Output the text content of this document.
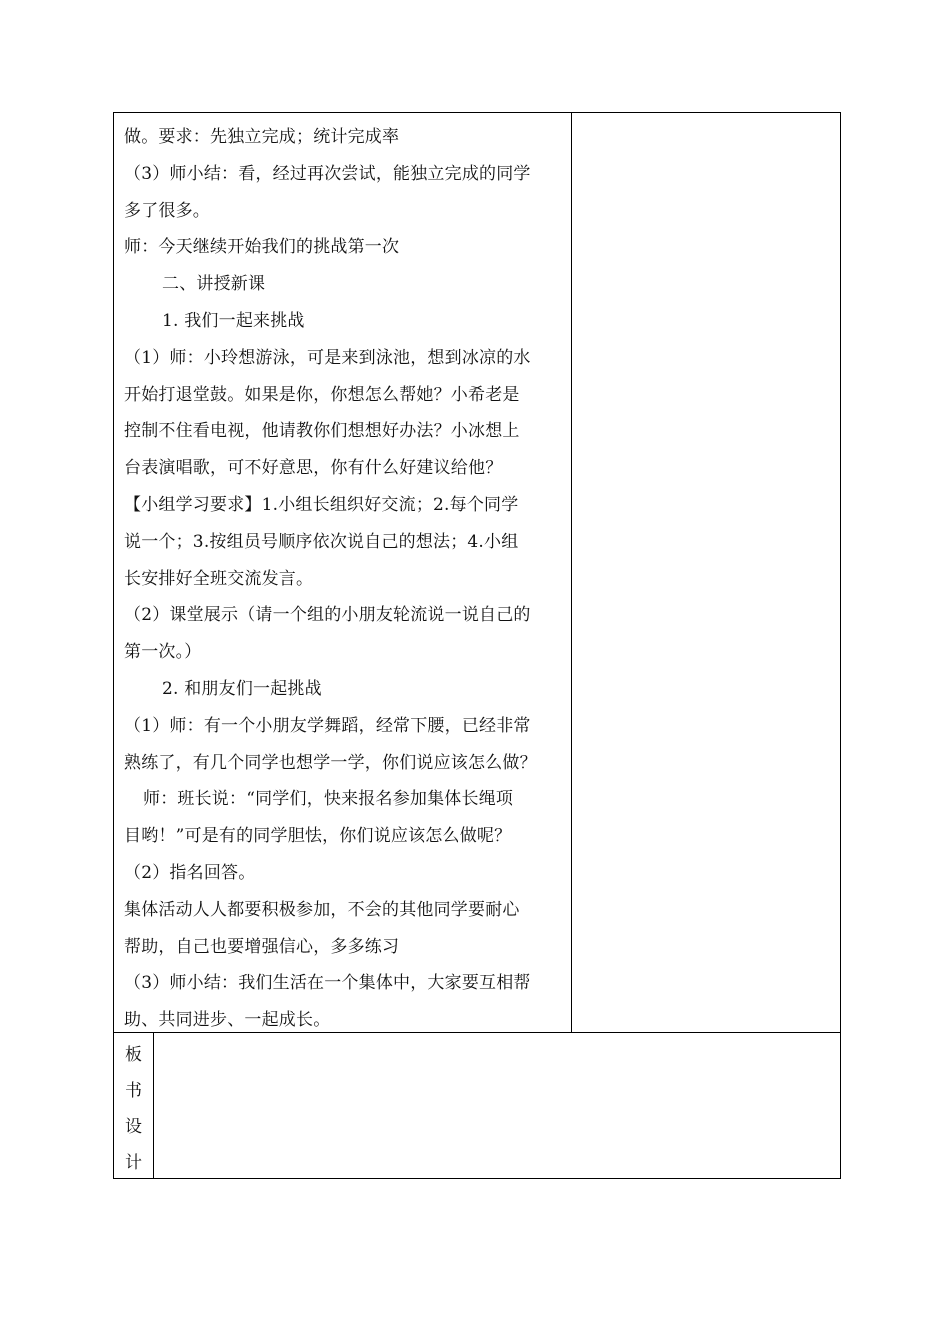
做。要求：先独立完成；统计完成率
（3）师小结：看，经过再次尝试，能独立完成的同学
多了很多。
师：今天继续开始我们的挑战第一次
二、讲授新课
1. 我们一起来挑战
（1）师：小玲想游泳，可是来到泳池，想到冰凉的水
开始打退堂鼓。如果是你，你想怎么帮她？小希老是
控制不住看电视，他请教你们想想好办法？小冰想上
台表演唱歌，可不好意思，你有什么好建议给他？
【小组学习要求】1.小组长组织好交流；2.每个同学
说一个；3.按组员号顺序依次说自己的想法；4.小组
长安排好全班交流发言。
（2）课堂展示（请一个组的小朋友轮流说一说自己的
第一次。）
2. 和朋友们一起挑战
（1）师：有一个小朋友学舞蹈，经常下腰，已经非常
熟练了，有几个同学也想学一学，你们说应该怎么做？
师：班长说：“同学们，快来报名参加集体长绳项
目哟！”可是有的同学胆怯，你们说应该怎么做呢？
（2）指名回答。
集体活动人人都要积极参加，不会的其他同学要耐心
帮助，自己也要增强信心，多多练习
（3）师小结：我们生活在一个集体中，大家要互相帮
助、共同进步、一起成长。
板
书
设
计
